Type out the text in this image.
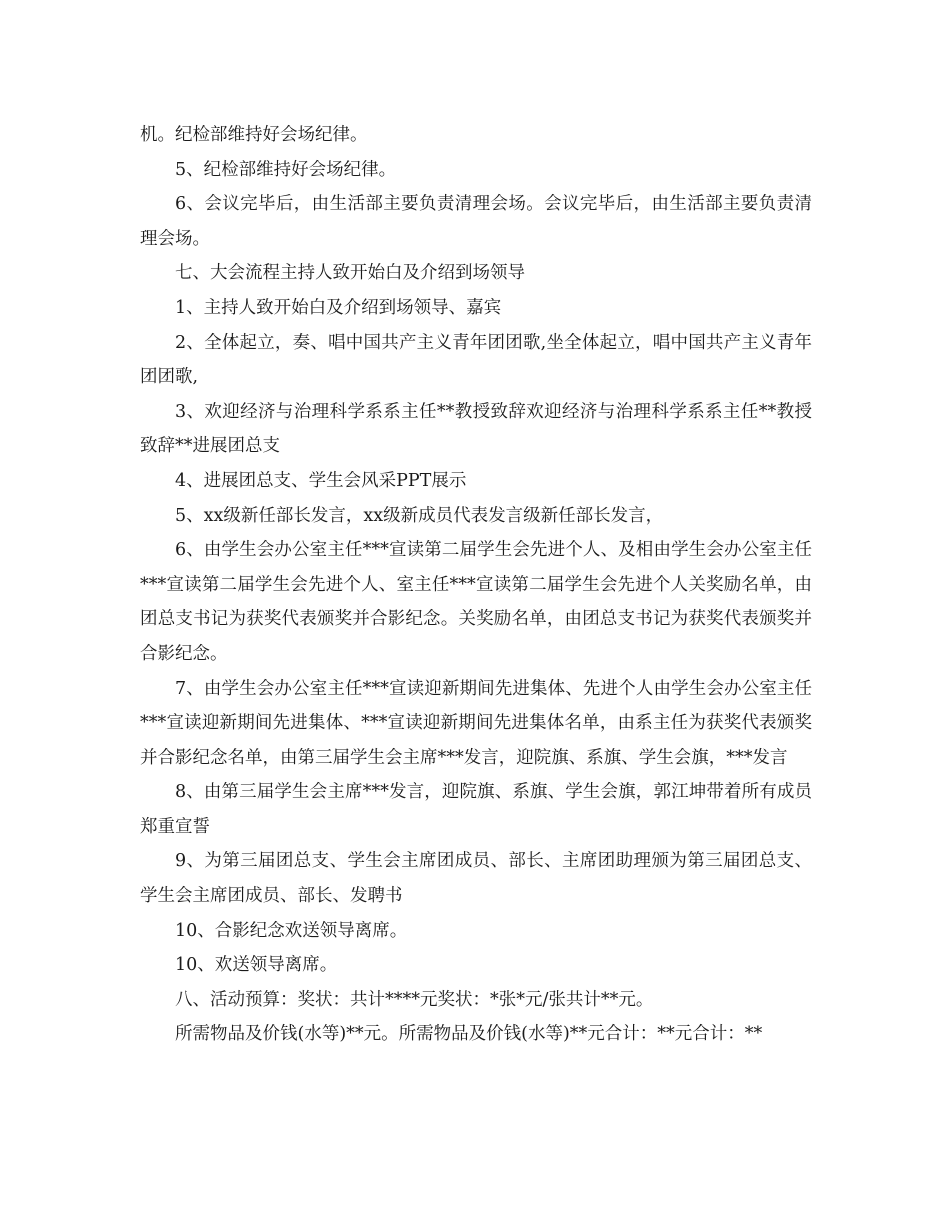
机。纪检部维持好会场纪律。

5、纪检部维持好会场纪律。

6、会议完毕后，由生活部主要负责清理会场。会议完毕后，由生活部主要负责清理会场。

七、大会流程主持人致开始白及介绍到场领导

1、主持人致开始白及介绍到场领导、嘉宾

2、全体起立，奏、唱中国共产主义青年团团歌,坐全体起立，唱中国共产主义青年团团歌,

3、欢迎经济与治理科学系系主任**教授致辞欢迎经济与治理科学系系主任**教授致辞**进展团总支

4、进展团总支、学生会风采PPT展示

5、xx级新任部长发言，xx级新成员代表发言级新任部长发言，

6、由学生会办公室主任***宣读第二届学生会先进个人、及相由学生会办公室主任***宣读第二届学生会先进个人、室主任***宣读第二届学生会先进个人关奖励名单，由团总支书记为获奖代表颁奖并合影纪念。关奖励名单，由团总支书记为获奖代表颁奖并合影纪念。

7、由学生会办公室主任***宣读迎新期间先进集体、先进个人由学生会办公室主任***宣读迎新期间先进集体、***宣读迎新期间先进集体名单，由系主任为获奖代表颁奖并合影纪念名单，由第三届学生会主席***发言，迎院旗、系旗、学生会旗，***发言

8、由第三届学生会主席***发言，迎院旗、系旗、学生会旗，郭江坤带着所有成员郑重宣誓

9、为第三届团总支、学生会主席团成员、部长、主席团助理颁为第三届团总支、学生会主席团成员、部长、发聘书

10、合影纪念欢送领导离席。

10、欢送领导离席。

八、活动预算：奖状：共计****元奖状：*张*元/张共计**元。

所需物品及价钱(水等)**元。所需物品及价钱(水等)**元合计：**元合计：**
